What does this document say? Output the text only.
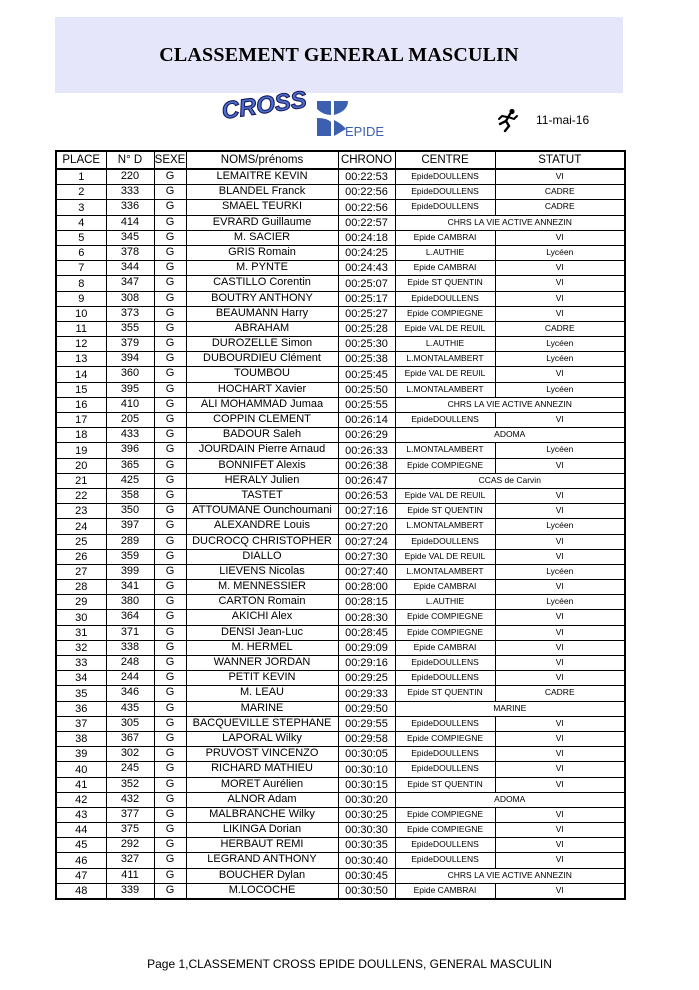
CLASSEMENT GENERAL MASCULIN
CROSS
EPIDE
11-mai-16
PLACE	N° D	SEXE	NOMS/prénoms	CHRONO	CENTRE	STATUT
1	220	G	LEMAITRE KEVIN	00:22:53	EpideDOULLENS	VI
2	333	G	BLANDEL Franck	00:22:56	EpideDOULLENS	CADRE
3	336	G	SMAEL TEURKI	00:22:56	EpideDOULLENS	CADRE
4	414	G	EVRARD Guillaume	00:22:57	CHRS LA VIE ACTIVE ANNEZIN	
5	345	G	M. SACIER	00:24:18	Epide CAMBRAI	VI
6	378	G	GRIS Romain	00:24:25	L.AUTHIE	Lycéen
7	344	G	M. PYNTE	00:24:43	Epide CAMBRAI	VI
8	347	G	CASTILLO Corentin	00:25:07	Epide ST QUENTIN	VI
9	308	G	BOUTRY ANTHONY	00:25:17	EpideDOULLENS	VI
10	373	G	BEAUMANN Harry	00:25:27	Epide COMPIEGNE	VI
11	355	G	ABRAHAM	00:25:28	Epide VAL DE REUIL	CADRE
12	379	G	DUROZELLE Simon	00:25:30	L.AUTHIE	Lycéen
13	394	G	DUBOURDIEU Clément	00:25:38	L.MONTALAMBERT	Lycéen
14	360	G	TOUMBOU	00:25:45	Epide VAL DE REUIL	VI
15	395	G	HOCHART Xavier	00:25:50	L.MONTALAMBERT	Lycéen
16	410	G	ALI MOHAMMAD Jumaa	00:25:55	CHRS LA VIE ACTIVE ANNEZIN	
17	205	G	COPPIN CLEMENT	00:26:14	EpideDOULLENS	VI
18	433	G	BADOUR Saleh	00:26:29	ADOMA	
19	396	G	JOURDAIN Pierre Arnaud	00:26:33	L.MONTALAMBERT	Lycéen
20	365	G	BONNIFET Alexis	00:26:38	Epide COMPIEGNE	VI
21	425	G	HERALY Julien	00:26:47	CCAS de Carvin	
22	358	G	TASTET	00:26:53	Epide VAL DE REUIL	VI
23	350	G	ATTOUMANE Ounchoumani	00:27:16	Epide ST QUENTIN	VI
24	397	G	ALEXANDRE Louis	00:27:20	L.MONTALAMBERT	Lycéen
25	289	G	DUCROCQ CHRISTOPHER	00:27:24	EpideDOULLENS	VI
26	359	G	DIALLO	00:27:30	Epide VAL DE REUIL	VI
27	399	G	LIEVENS Nicolas	00:27:40	L.MONTALAMBERT	Lycéen
28	341	G	M. MENNESSIER	00:28:00	Epide CAMBRAI	VI
29	380	G	CARTON Romain	00:28:15	L.AUTHIE	Lycéen
30	364	G	AKICHI Alex	00:28:30	Epide COMPIEGNE	VI
31	371	G	DENSI Jean-Luc	00:28:45	Epide COMPIEGNE	VI
32	338	G	M. HERMEL	00:29:09	Epide CAMBRAI	VI
33	248	G	WANNER JORDAN	00:29:16	EpideDOULLENS	VI
34	244	G	PETIT KEVIN	00:29:25	EpideDOULLENS	VI
35	346	G	M. LEAU	00:29:33	Epide ST QUENTIN	CADRE
36	435	G	MARINE	00:29:50	MARINE	
37	305	G	BACQUEVILLE STEPHANE	00:29:55	EpideDOULLENS	VI
38	367	G	LAPORAL Wilky	00:29:58	Epide COMPIEGNE	VI
39	302	G	PRUVOST VINCENZO	00:30:05	EpideDOULLENS	VI
40	245	G	RICHARD MATHIEU	00:30:10	EpideDOULLENS	VI
41	352	G	MORET Aurélien	00:30:15	Epide ST QUENTIN	VI
42	432	G	ALNOR Adam	00:30:20	ADOMA	
43	377	G	MALBRANCHE Wilky	00:30:25	Epide COMPIEGNE	VI
44	375	G	LIKINGA Dorian	00:30:30	Epide COMPIEGNE	VI
45	292	G	HERBAUT REMI	00:30:35	EpideDOULLENS	VI
46	327	G	LEGRAND ANTHONY	00:30:40	EpideDOULLENS	VI
47	411	G	BOUCHER Dylan	00:30:45	CHRS LA VIE ACTIVE ANNEZIN	
48	339	G	M.LOCOCHE	00:30:50	Epide CAMBRAI	VI
Page 1,CLASSEMENT CROSS EPIDE DOULLENS, GENERAL MASCULIN
